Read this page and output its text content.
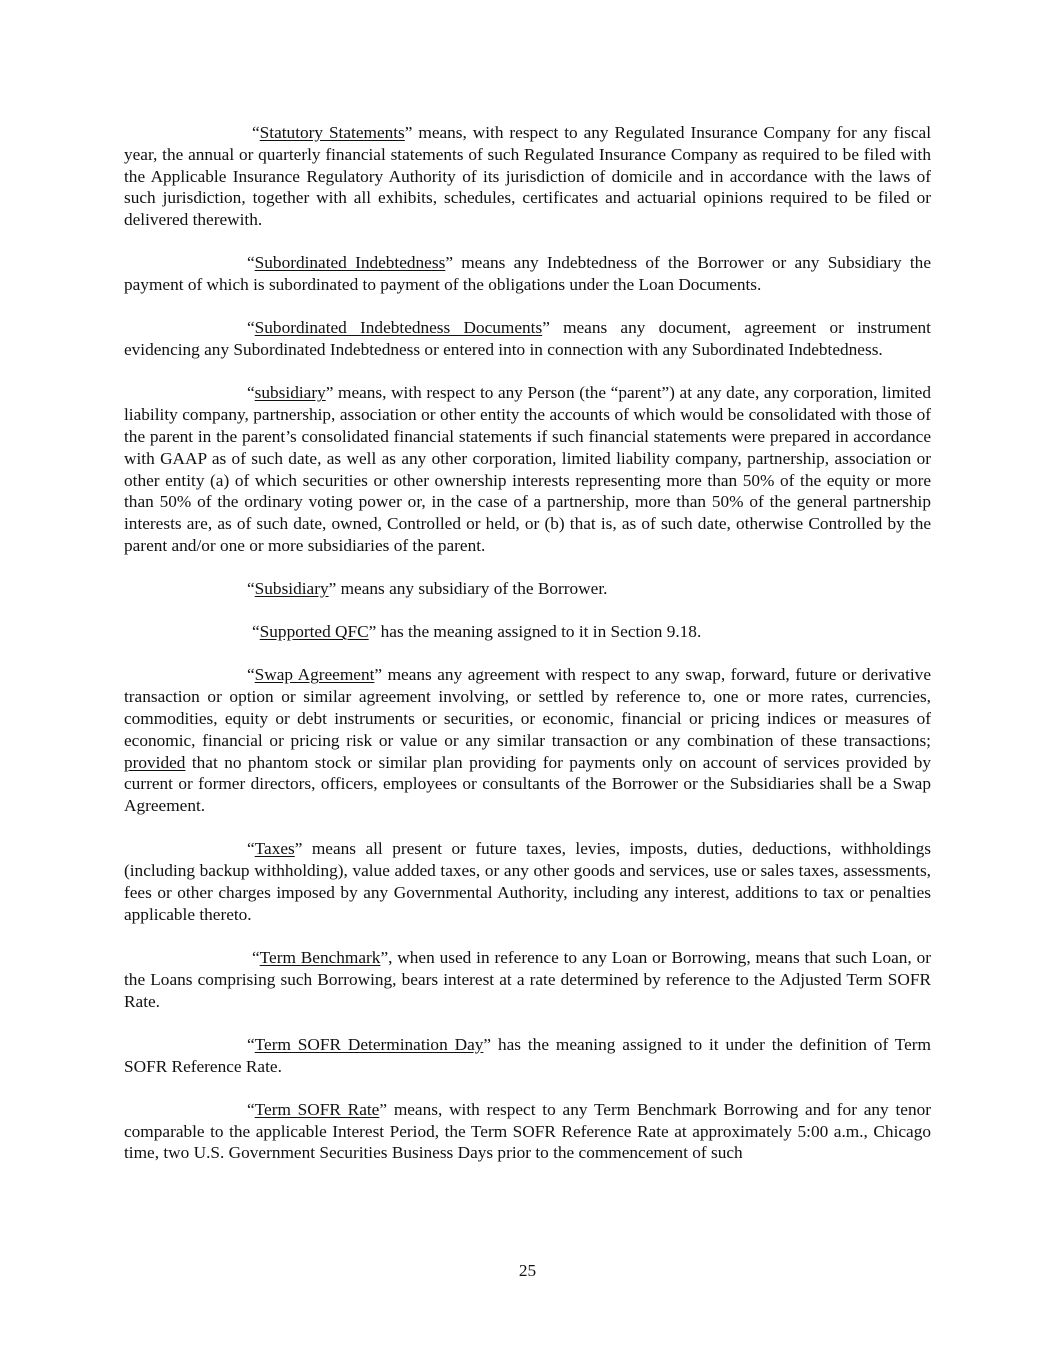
“Statutory Statements” means, with respect to any Regulated Insurance Company for any fiscal year, the annual or quarterly financial statements of such Regulated Insurance Company as required to be filed with the Applicable Insurance Regulatory Authority of its jurisdiction of domicile and in accordance with the laws of such jurisdiction, together with all exhibits, schedules, certificates and actuarial opinions required to be filed or delivered therewith.

“Subordinated Indebtedness” means any Indebtedness of the Borrower or any Subsidiary the payment of which is subordinated to payment of the obligations under the Loan Documents.

“Subordinated Indebtedness Documents” means any document, agreement or instrument evidencing any Subordinated Indebtedness or entered into in connection with any Subordinated Indebtedness.

“subsidiary” means, with respect to any Person (the “parent”) at any date, any corporation, limited liability company, partnership, association or other entity the accounts of which would be consolidated with those of the parent in the parent’s consolidated financial statements if such financial statements were prepared in accordance with GAAP as of such date, as well as any other corporation, limited liability company, partnership, association or other entity (a) of which securities or other ownership interests representing more than 50% of the equity or more than 50% of the ordinary voting power or, in the case of a partnership, more than 50% of the general partnership interests are, as of such date, owned, Controlled or held, or (b) that is, as of such date, otherwise Controlled by the parent and/or one or more subsidiaries of the parent.

“Subsidiary” means any subsidiary of the Borrower.

“Supported QFC” has the meaning assigned to it in Section 9.18.

“Swap Agreement” means any agreement with respect to any swap, forward, future or derivative transaction or option or similar agreement involving, or settled by reference to, one or more rates, currencies, commodities, equity or debt instruments or securities, or economic, financial or pricing indices or measures of economic, financial or pricing risk or value or any similar transaction or any combination of these transactions; provided that no phantom stock or similar plan providing for payments only on account of services provided by current or former directors, officers, employees or consultants of the Borrower or the Subsidiaries shall be a Swap Agreement.

“Taxes” means all present or future taxes, levies, imposts, duties, deductions, withholdings (including backup withholding), value added taxes, or any other goods and services, use or sales taxes, assessments, fees or other charges imposed by any Governmental Authority, including any interest, additions to tax or penalties applicable thereto.

“Term Benchmark”, when used in reference to any Loan or Borrowing, means that such Loan, or the Loans comprising such Borrowing, bears interest at a rate determined by reference to the Adjusted Term SOFR Rate.

“Term SOFR Determination Day” has the meaning assigned to it under the definition of Term SOFR Reference Rate.

“Term SOFR Rate” means, with respect to any Term Benchmark Borrowing and for any tenor comparable to the applicable Interest Period, the Term SOFR Reference Rate at approximately 5:00 a.m., Chicago time, two U.S. Government Securities Business Days prior to the commencement of such

25
